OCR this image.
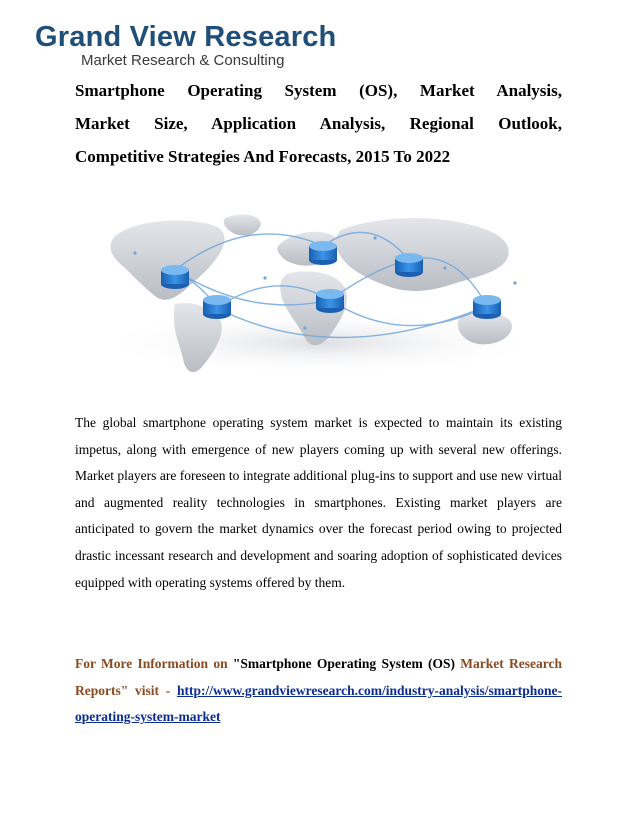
Grand View Research
Market Research & Consulting
Smartphone Operating System (OS), Market Analysis,
Market Size, Application Analysis, Regional Outlook,
Competitive Strategies And Forecasts, 2015 To 2022
The global smartphone operating system market is expected to maintain its existing impetus, along with emergence of new players coming up with several new offerings. Market players are foreseen to integrate additional plug-ins to support and use new virtual and augmented reality technologies in smartphones. Existing market players are anticipated to govern the market dynamics over the forecast period owing to projected drastic incessant research and development and soaring adoption of sophisticated devices equipped with operating systems offered by them.
For More Information on "Smartphone Operating System (OS) Market Research Reports" visit - http://www.grandviewresearch.com/industry-analysis/smartphone-operating-system-market
